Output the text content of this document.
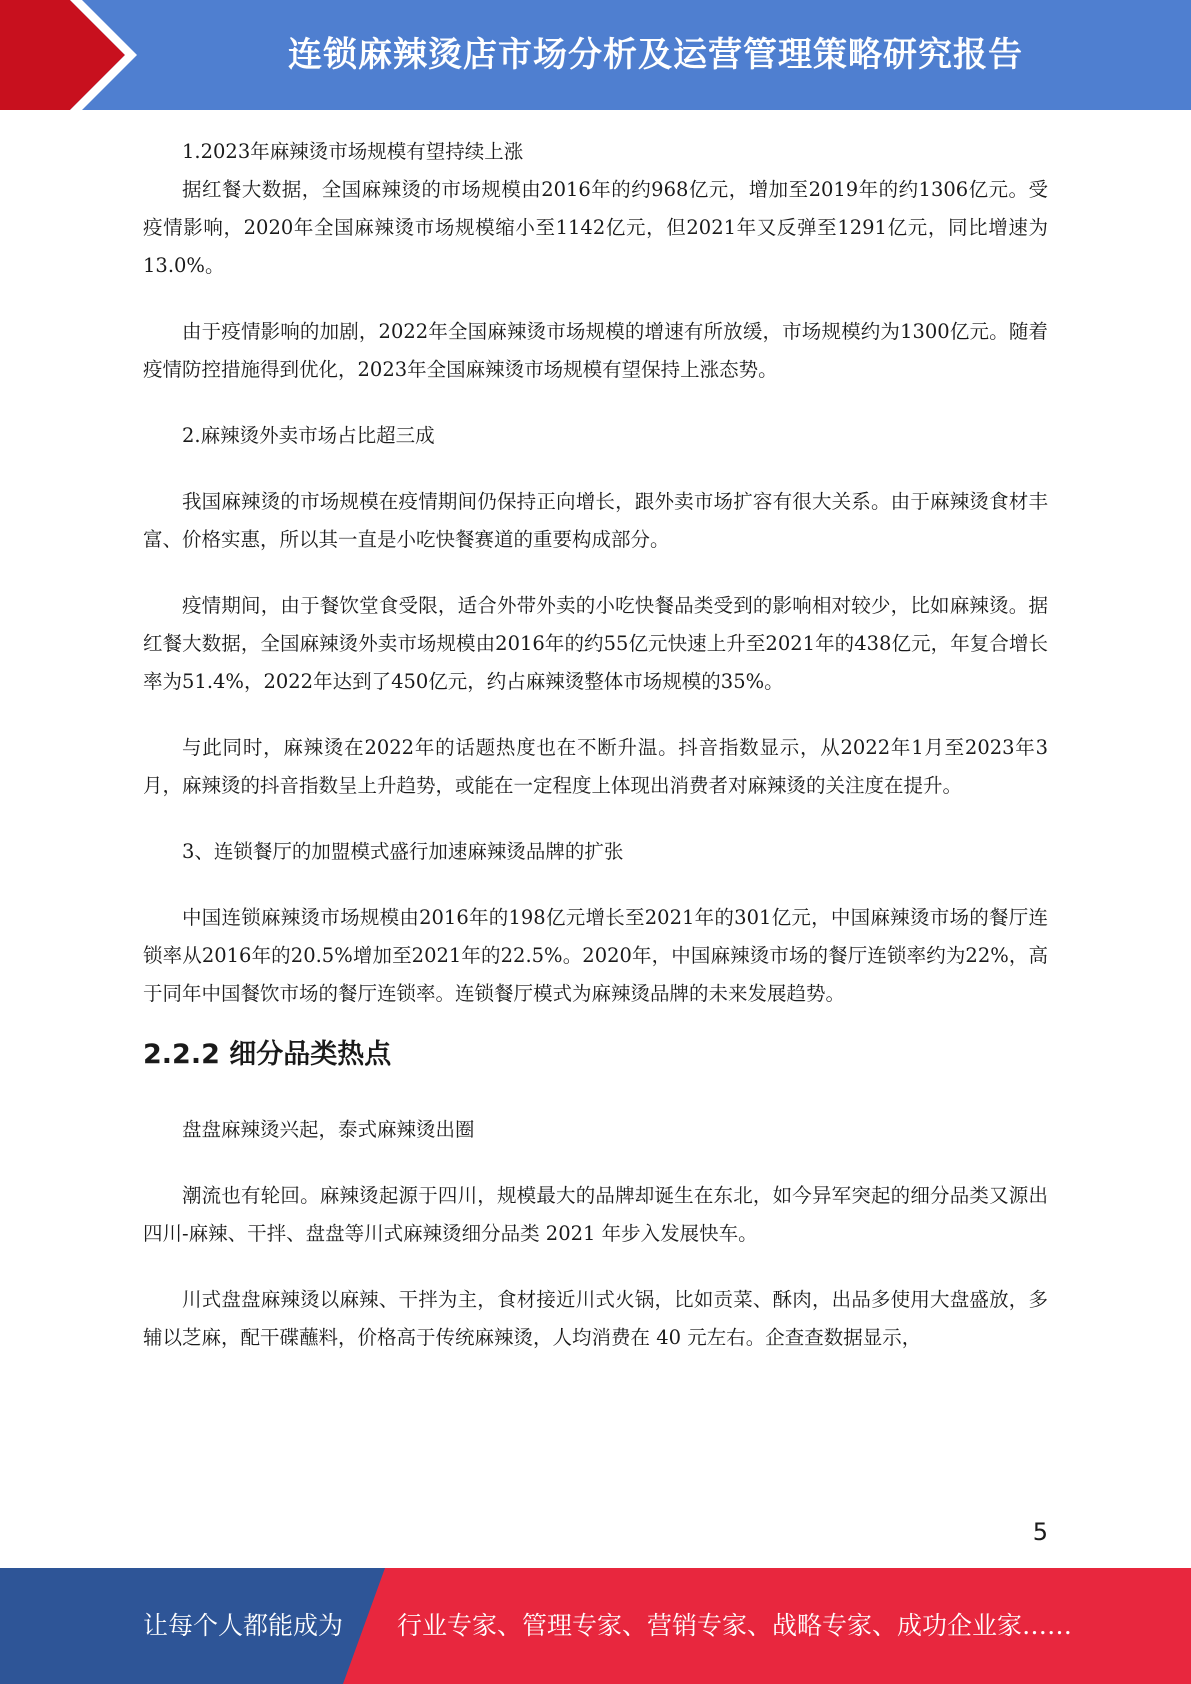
连锁麻辣烫店市场分析及运营管理策略研究报告

1.2023年麻辣烫市场规模有望持续上涨

据红餐大数据，全国麻辣烫的市场规模由2016年的约968亿元，增加至2019年的约1306亿元。受疫情影响，2020年全国麻辣烫市场规模缩小至1142亿元，但2021年又反弹至1291亿元，同比增速为13.0%。

由于疫情影响的加剧，2022年全国麻辣烫市场规模的增速有所放缓，市场规模约为1300亿元。随着疫情防控措施得到优化，2023年全国麻辣烫市场规模有望保持上涨态势。

2.麻辣烫外卖市场占比超三成

我国麻辣烫的市场规模在疫情期间仍保持正向增长，跟外卖市场扩容有很大关系。由于麻辣烫食材丰富、价格实惠，所以其一直是小吃快餐赛道的重要构成部分。

疫情期间，由于餐饮堂食受限，适合外带外卖的小吃快餐品类受到的影响相对较少，比如麻辣烫。据红餐大数据，全国麻辣烫外卖市场规模由2016年的约55亿元快速上升至2021年的438亿元，年复合增长率为51.4%，2022年达到了450亿元，约占麻辣烫整体市场规模的35%。

与此同时，麻辣烫在2022年的话题热度也在不断升温。抖音指数显示，从2022年1月至2023年3月，麻辣烫的抖音指数呈上升趋势，或能在一定程度上体现出消费者对麻辣烫的关注度在提升。

3、连锁餐厅的加盟模式盛行加速麻辣烫品牌的扩张

中国连锁麻辣烫市场规模由2016年的198亿元增长至2021年的301亿元，中国麻辣烫市场的餐厅连锁率从2016年的20.5%增加至2021年的22.5%。2020年，中国麻辣烫市场的餐厅连锁率约为22%，高于同年中国餐饮市场的餐厅连锁率。连锁餐厅模式为麻辣烫品牌的未来发展趋势。

2.2.2 细分品类热点

盘盘麻辣烫兴起，泰式麻辣烫出圈

潮流也有轮回。麻辣烫起源于四川，规模最大的品牌却诞生在东北，如今异军突起的细分品类又源出四川-麻辣、干拌、盘盘等川式麻辣烫细分品类 2021 年步入发展快车。

川式盘盘麻辣烫以麻辣、干拌为主，食材接近川式火锅，比如贡菜、酥肉，出品多使用大盘盛放，多辅以芝麻，配干碟蘸料，价格高于传统麻辣烫，人均消费在 40 元左右。企查查数据显示，

5
让每个人都能成为 行业专家、管理专家、营销专家、战略专家、成功企业家……
